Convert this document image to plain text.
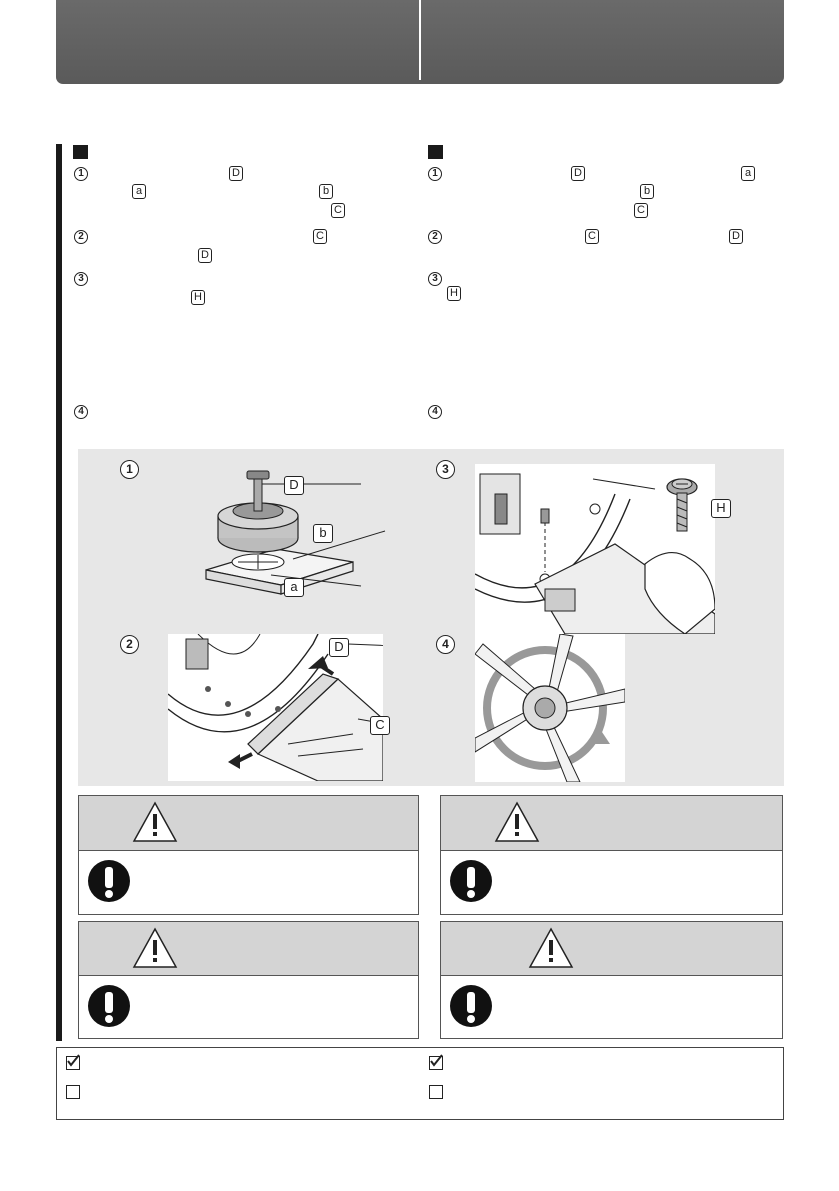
1	D
a	b
C
2	C
D
3
H
4
1	D	a
b
C
2	C	D
3
H
4
1
D
b
a
2	D
C
3
H
4
